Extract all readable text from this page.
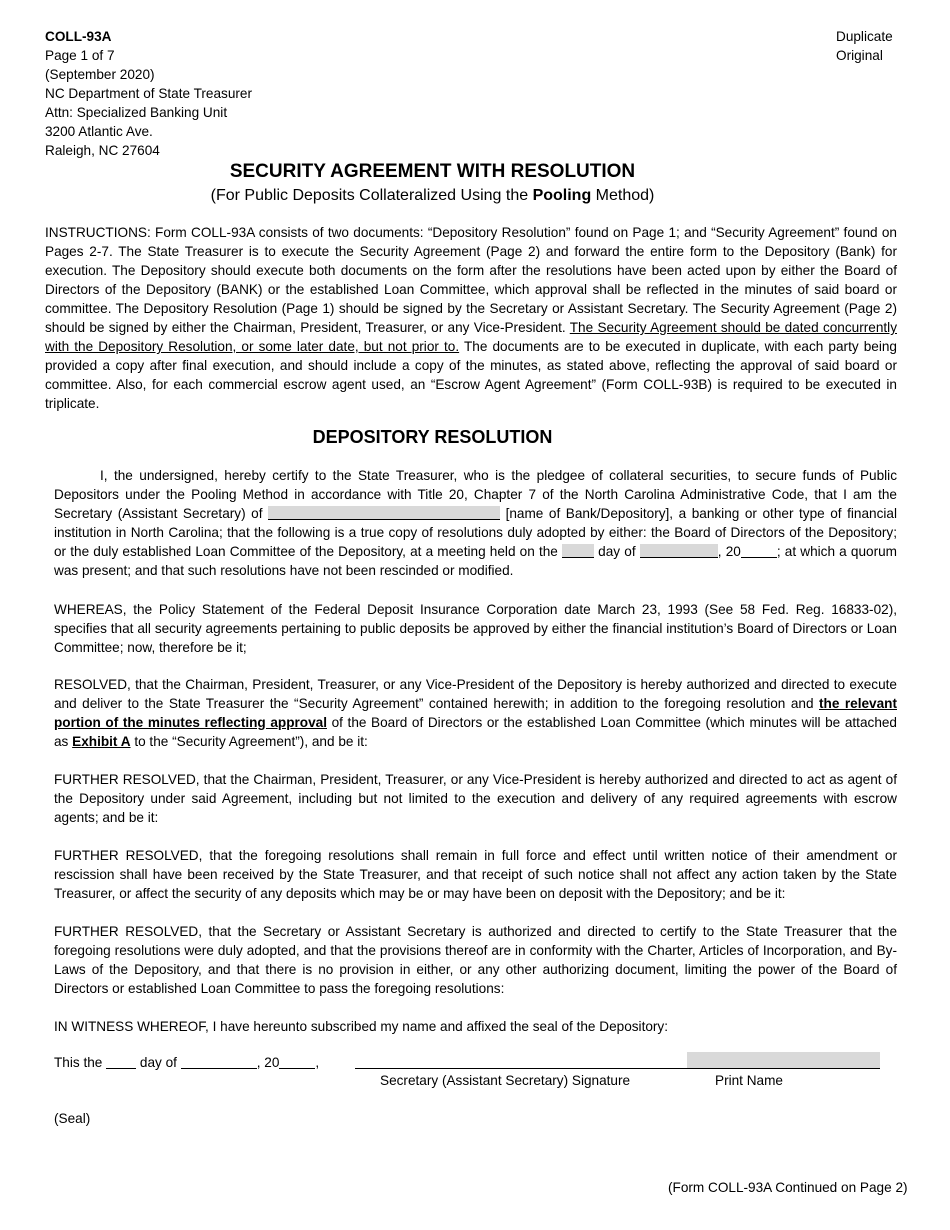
COLL-93A
Page 1 of 7
(September 2020)
NC Department of State Treasurer
Attn: Specialized Banking Unit
3200 Atlantic Ave.
Raleigh, NC 27604
Duplicate
Original
SECURITY AGREEMENT WITH RESOLUTION
(For Public Deposits Collateralized Using the Pooling Method)
INSTRUCTIONS: Form COLL-93A consists of two documents: “Depository Resolution” found on Page 1; and “Security Agreement” found on Pages 2-7. The State Treasurer is to execute the Security Agreement (Page 2) and forward the entire form to the Depository (Bank) for execution. The Depository should execute both documents on the form after the resolutions have been acted upon by either the Board of Directors of the Depository (BANK) or the established Loan Committee, which approval shall be reflected in the minutes of said board or committee. The Depository Resolution (Page 1) should be signed by the Secretary or Assistant Secretary. The Security Agreement (Page 2) should be signed by either the Chairman, President, Treasurer, or any Vice-President. The Security Agreement should be dated concurrently with the Depository Resolution, or some later date, but not prior to. The documents are to be executed in duplicate, with each party being provided a copy after final execution, and should include a copy of the minutes, as stated above, reflecting the approval of said board or committee. Also, for each commercial escrow agent used, an “Escrow Agent Agreement” (Form COLL-93B) is required to be executed in triplicate.
DEPOSITORY RESOLUTION
I, the undersigned, hereby certify to the State Treasurer, who is the pledgee of collateral securities, to secure funds of Public Depositors under the Pooling Method in accordance with Title 20, Chapter 7 of the North Carolina Administrative Code, that I am the Secretary (Assistant Secretary) of	[name of Bank/Depository], a banking or other type of financial institution in North Carolina; that the following is a true copy of resolutions duly adopted by either: the Board of Directors of the Depository; or the duly established Loan Committee of the Depository, at a meeting held on the  day of	, 20	; at which a quorum was present; and that such resolutions have not been rescinded or modified.
WHEREAS, the Policy Statement of the Federal Deposit Insurance Corporation date March 23, 1993 (See 58 Fed. Reg. 16833-02), specifies that all security agreements pertaining to public deposits be approved by either the financial institution’s Board of Directors or Loan Committee; now, therefore be it;
RESOLVED, that the Chairman, President, Treasurer, or any Vice-President of the Depository is hereby authorized and directed to execute and deliver to the State Treasurer the “Security Agreement” contained herewith; in addition to the foregoing resolution and the relevant portion of the minutes reflecting approval of the Board of Directors or the established Loan Committee (which minutes will be attached as Exhibit A to the “Security Agreement”), and be it:
FURTHER RESOLVED, that the Chairman, President, Treasurer, or any Vice-President is hereby authorized and directed to act as agent of the Depository under said Agreement, including but not limited to the execution and delivery of any required agreements with escrow agents; and be it:
FURTHER RESOLVED, that the foregoing resolutions shall remain in full force and effect until written notice of their amendment or rescission shall have been received by the State Treasurer, and that receipt of such notice shall not affect any action taken by the State Treasurer, or affect the security of any deposits which may be or may have been on deposit with the Depository; and be it:
FURTHER RESOLVED, that the Secretary or Assistant Secretary is authorized and directed to certify to the State Treasurer that the foregoing resolutions were duly adopted, and that the provisions thereof are in conformity with the Charter, Articles of Incorporation, and By-Laws of the Depository, and that there is no provision in either, or any other authorizing document, limiting the power of the Board of Directors or established Loan Committee to pass the foregoing resolutions:
IN WITNESS WHEREOF, I have hereunto subscribed my name and affixed the seal of the Depository:
This the  day of	, 20	,
Secretary (Assistant Secretary) Signature	Print Name
(Seal)
(Form COLL-93A Continued on Page 2)
